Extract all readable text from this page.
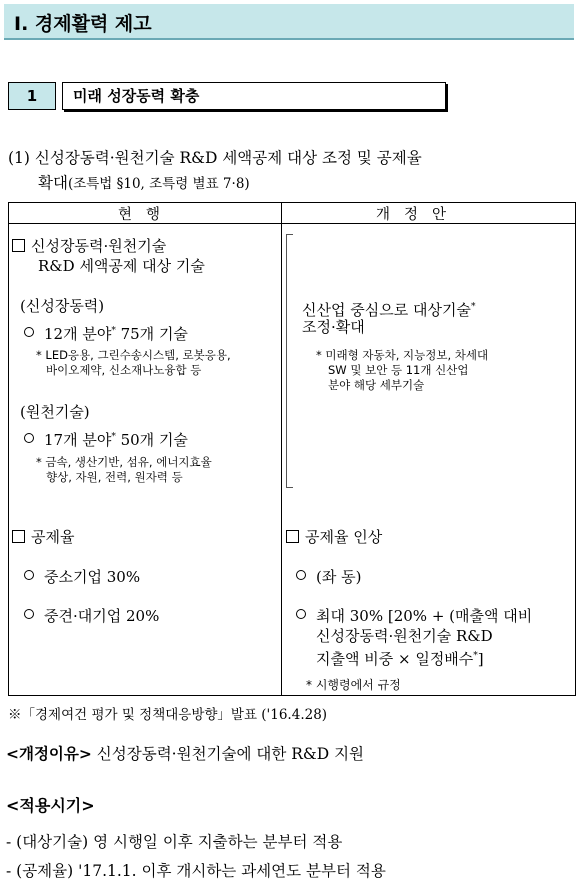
Ⅰ. 경제활력 제고
1	미래 성장동력 확충
(1) 신성장동력·원천기술 R&D 세액공제 대상 조정 및 공제율
확대(조특법 §10, 조특령 별표 7·8)
현행	개정안
신성장동력·원천기술
R&D 세액공제 대상 기술
(신성장동력)
12개 분야* 75개 기술
* LED응용, 그린수송시스템, 로봇응용,
바이오제약, 신소재나노융합 등
(원천기술)
17개 분야* 50개 기술
* 금속, 생산기반, 섬유, 에너지효율
향상, 자원, 전력, 원자력 등
공제율
중소기업 30%
중견·대기업 20%
신산업 중심으로 대상기술*
조정·확대
* 미래형 자동차, 지능정보, 차세대
SW 및 보안 등 11개 신산업
분야 해당 세부기술
공제율 인상
(좌 동)
최대 30% [20% + (매출액 대비
신성장동력·원천기술 R&D
지출액 비중 × 일정배수*]
* 시행령에서 규정
※「경제여건 평가 및 정책대응방향」발표 ('16.4.28)
<개정이유> 신성장동력·원천기술에 대한 R&D 지원
<적용시기>
- (대상기술) 영 시행일 이후 지출하는 분부터 적용
- (공제율) '17.1.1. 이후 개시하는 과세연도 분부터 적용
